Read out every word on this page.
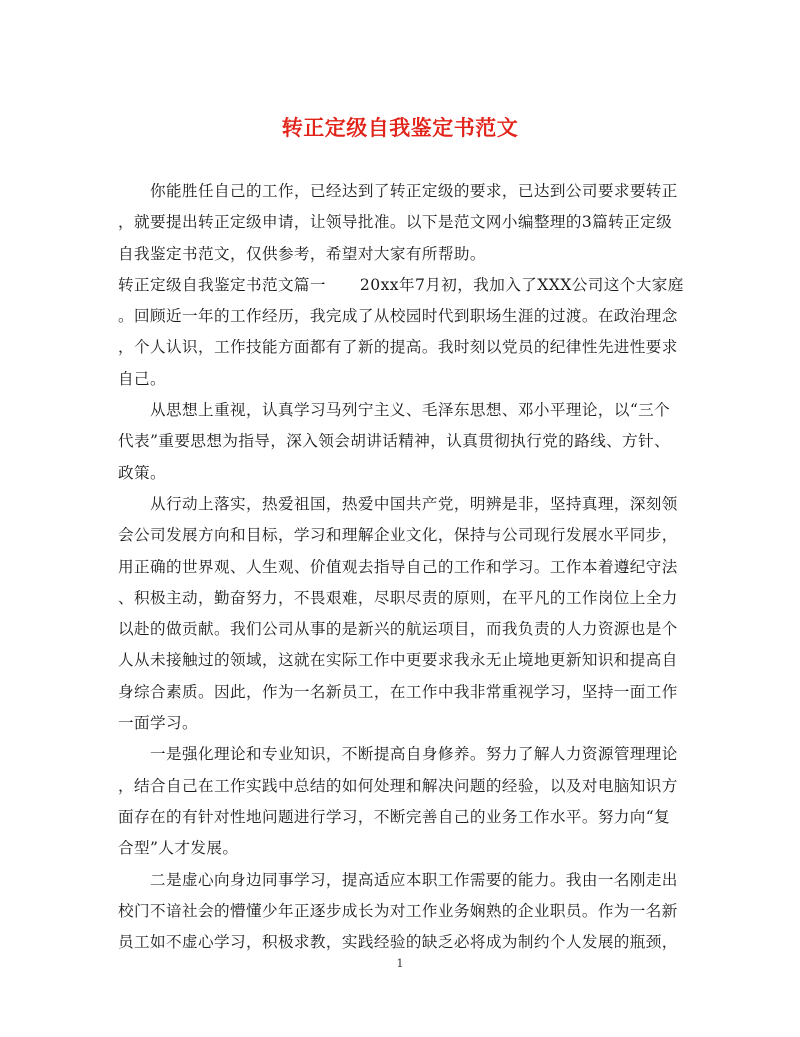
转正定级自我鉴定书范文
你能胜任自己的工作，已经达到了转正定级的要求，已达到公司要求要转正
，就要提出转正定级申请，让领导批准。以下是范文网小编整理的3篇转正定级
自我鉴定书范文，仅供参考，希望对大家有所帮助。
转正定级自我鉴定书范文篇一 20xx年7月初，我加入了XXX公司这个大家庭
。回顾近一年的工作经历，我完成了从校园时代到职场生涯的过渡。在政治理念
，个人认识，工作技能方面都有了新的提高。我时刻以党员的纪律性先进性要求
自己。
从思想上重视，认真学习马列宁主义、毛泽东思想、邓小平理论，以“三个
代表”重要思想为指导，深入领会胡讲话精神，认真贯彻执行党的路线、方针、
政策。
从行动上落实，热爱祖国，热爱中国共产党，明辨是非，坚持真理，深刻领
会公司发展方向和目标，学习和理解企业文化，保持与公司现行发展水平同步，
用正确的世界观、人生观、价值观去指导自己的工作和学习。工作本着遵纪守法
、积极主动，勤奋努力，不畏艰难，尽职尽责的原则，在平凡的工作岗位上全力
以赴的做贡献。我们公司从事的是新兴的航运项目，而我负责的人力资源也是个
人从未接触过的领域，这就在实际工作中更要求我永无止境地更新知识和提高自
身综合素质。因此，作为一名新员工，在工作中我非常重视学习，坚持一面工作
一面学习。
一是强化理论和专业知识，不断提高自身修养。努力了解人力资源管理理论
，结合自己在工作实践中总结的如何处理和解决问题的经验，以及对电脑知识方
面存在的有针对性地问题进行学习，不断完善自己的业务工作水平。努力向“复
合型”人才发展。
二是虚心向身边同事学习，提高适应本职工作需要的能力。我由一名刚走出
校门不谙社会的懵懂少年正逐步成长为对工作业务娴熟的企业职员。作为一名新
员工如不虚心学习，积极求教，实践经验的缺乏必将成为制约个人发展的瓶颈，
1
